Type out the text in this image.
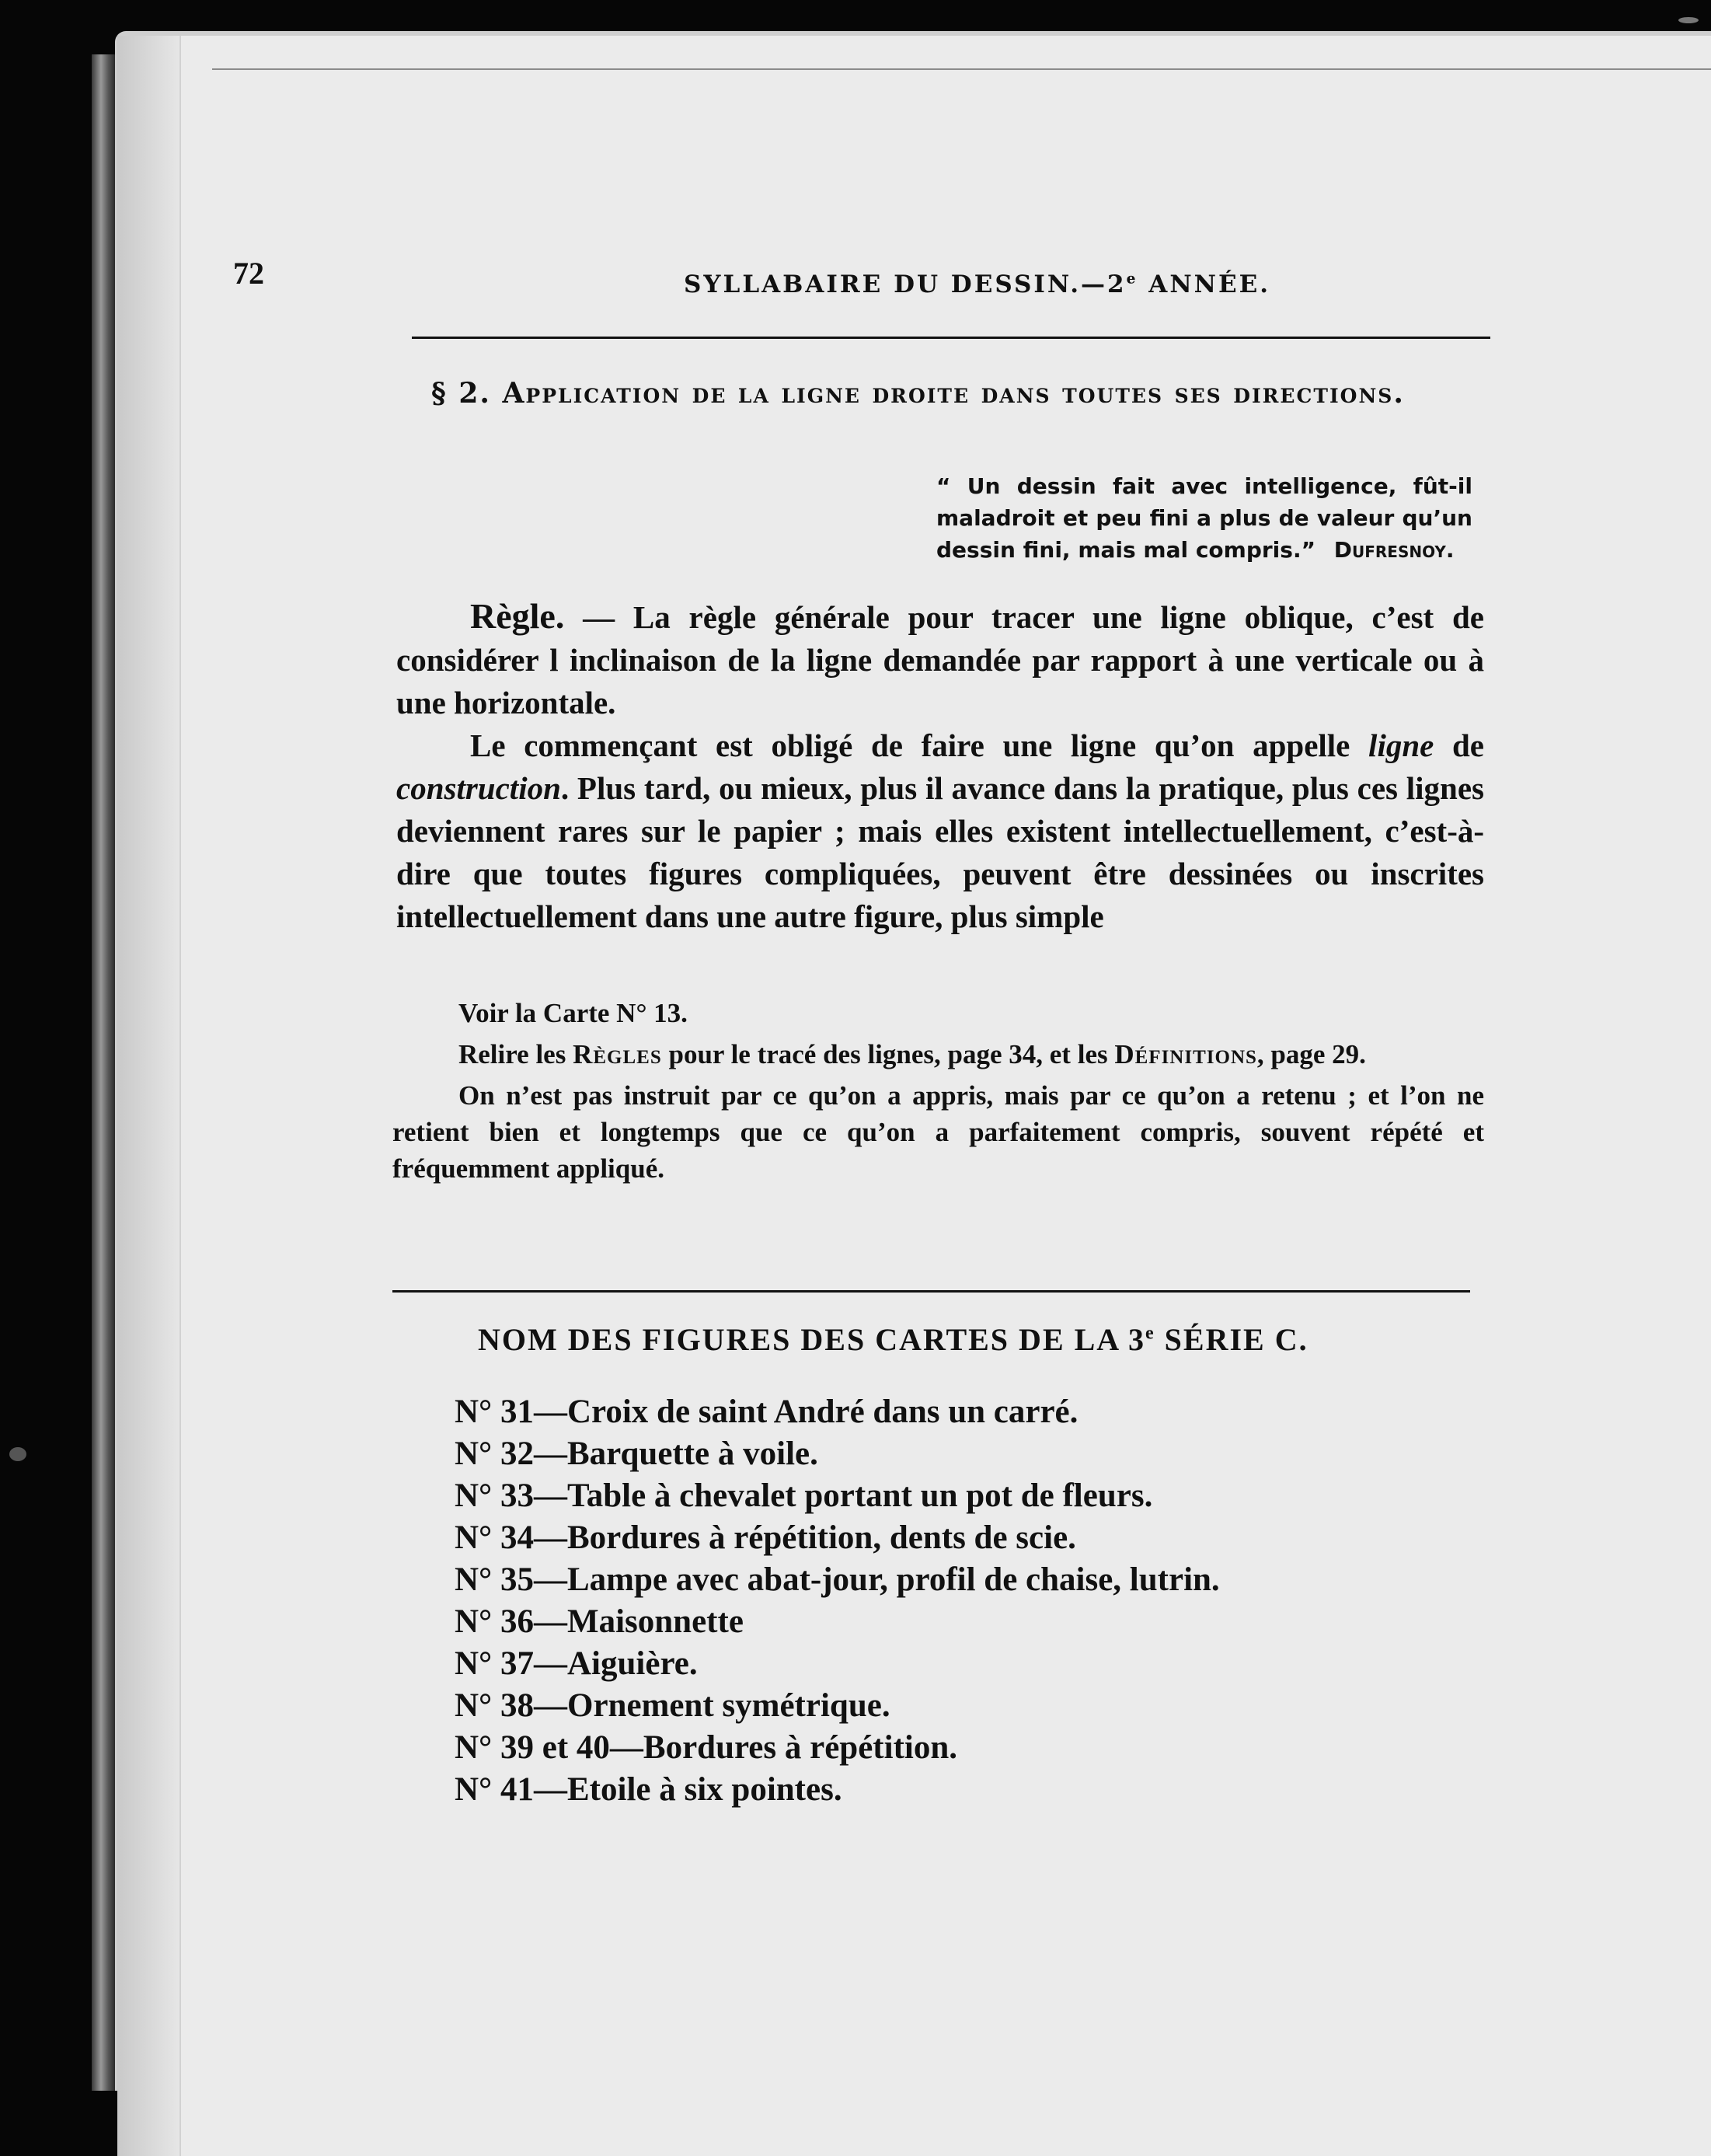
72	SYLLABAIRE DU DESSIN.—2e ANNÉE.
§ 2. Application de la ligne droite dans toutes ses directions.
“ Un dessin fait avec intelligence, fût-il maladroit et peu fini a plus de valeur qu’un dessin fini, mais mal compris.” Dufresnoy.

Règle. — La règle générale pour tracer une ligne oblique, c’est de considérer l inclinaison de la ligne demandée par rapport à une verticale ou à une horizontale.

Le commençant est obligé de faire une ligne qu’on appelle ligne de construction. Plus tard, ou mieux, plus il avance dans la pratique, plus ces lignes deviennent rares sur le papier ; mais elles existent intellectuellement, c’est-à-dire que toutes figures compliquées, peuvent être dessinées ou inscrites intellectuellement dans une autre figure, plus simple

Voir la Carte N° 13.

Relire les Règles pour le tracé des lignes, page 34, et les Définitions, page 29.

On n’est pas instruit par ce qu’on a appris, mais par ce qu’on a retenu ; et l’on ne retient bien et longtemps que ce qu’on a parfaitement compris, souvent répété et fréquemment appliqué.

NOM DES FIGURES DES CARTES DE LA 3e SÉRIE C.
N° 31—Croix de saint André dans un carré.
N° 32—Barquette à voile.
N° 33—Table à chevalet portant un pot de fleurs.
N° 34—Bordures à répétition, dents de scie.
N° 35—Lampe avec abat-jour, profil de chaise, lutrin.
N° 36—Maisonnette
N° 37—Aiguière.
N° 38—Ornement symétrique.
N° 39 et 40—Bordures à répétition.
N° 41—Etoile à six pointes.
